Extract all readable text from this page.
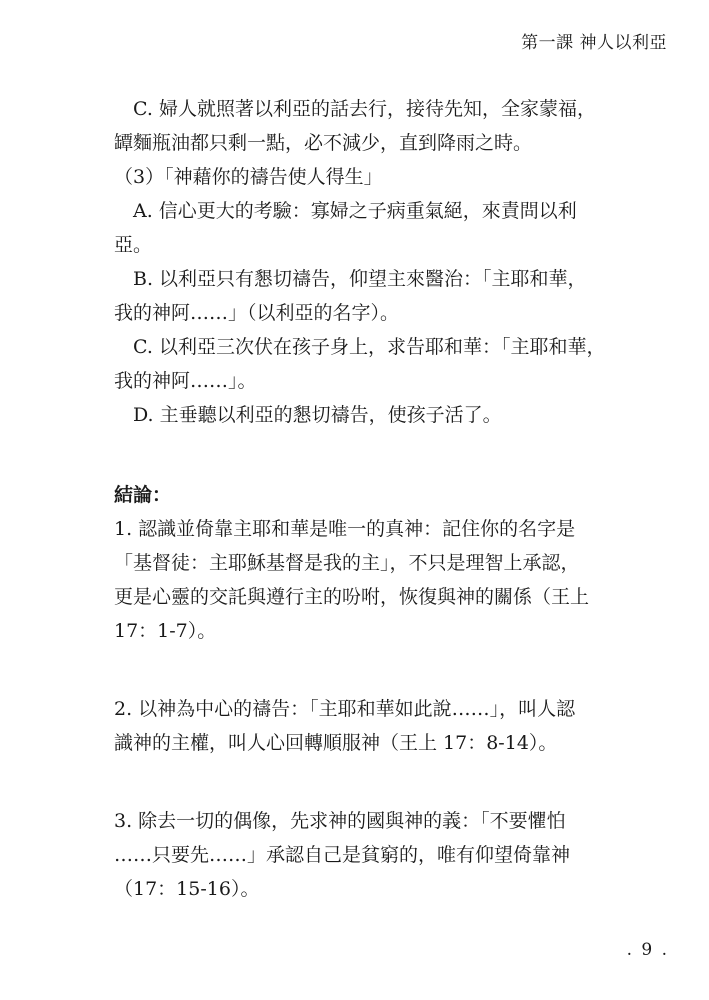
第一課 神人以利亞
C. 婦人就照著以利亞的話去行，接待先知，全家蒙福，
罈麵瓶油都只剩一點，必不減少，直到降雨之時。
（3）「神藉你的禱告使人得生」
A. 信心更大的考驗：寡婦之子病重氣絕，來責問以利
亞。
B. 以利亞只有懇切禱告，仰望主來醫治：「主耶和華，
我的神阿……」（以利亞的名字）。
C. 以利亞三次伏在孩子身上，求告耶和華：「主耶和華，
我的神阿……」。
D. 主垂聽以利亞的懇切禱告，使孩子活了。
結論：
1. 認識並倚靠主耶和華是唯一的真神：記住你的名字是
「基督徒：主耶穌基督是我的主」，不只是理智上承認，
更是心靈的交託與遵行主的吩咐，恢復與神的關係（王上
17：1-7）。
2. 以神為中心的禱告：「主耶和華如此說……」，叫人認
識神的主權，叫人心回轉順服神（王上 17：8-14）。
3. 除去一切的偶像，先求神的國與神的義：「不要懼怕
……只要先……」承認自己是貧窮的，唯有仰望倚靠神
（17：15-16）。
. 9 .
